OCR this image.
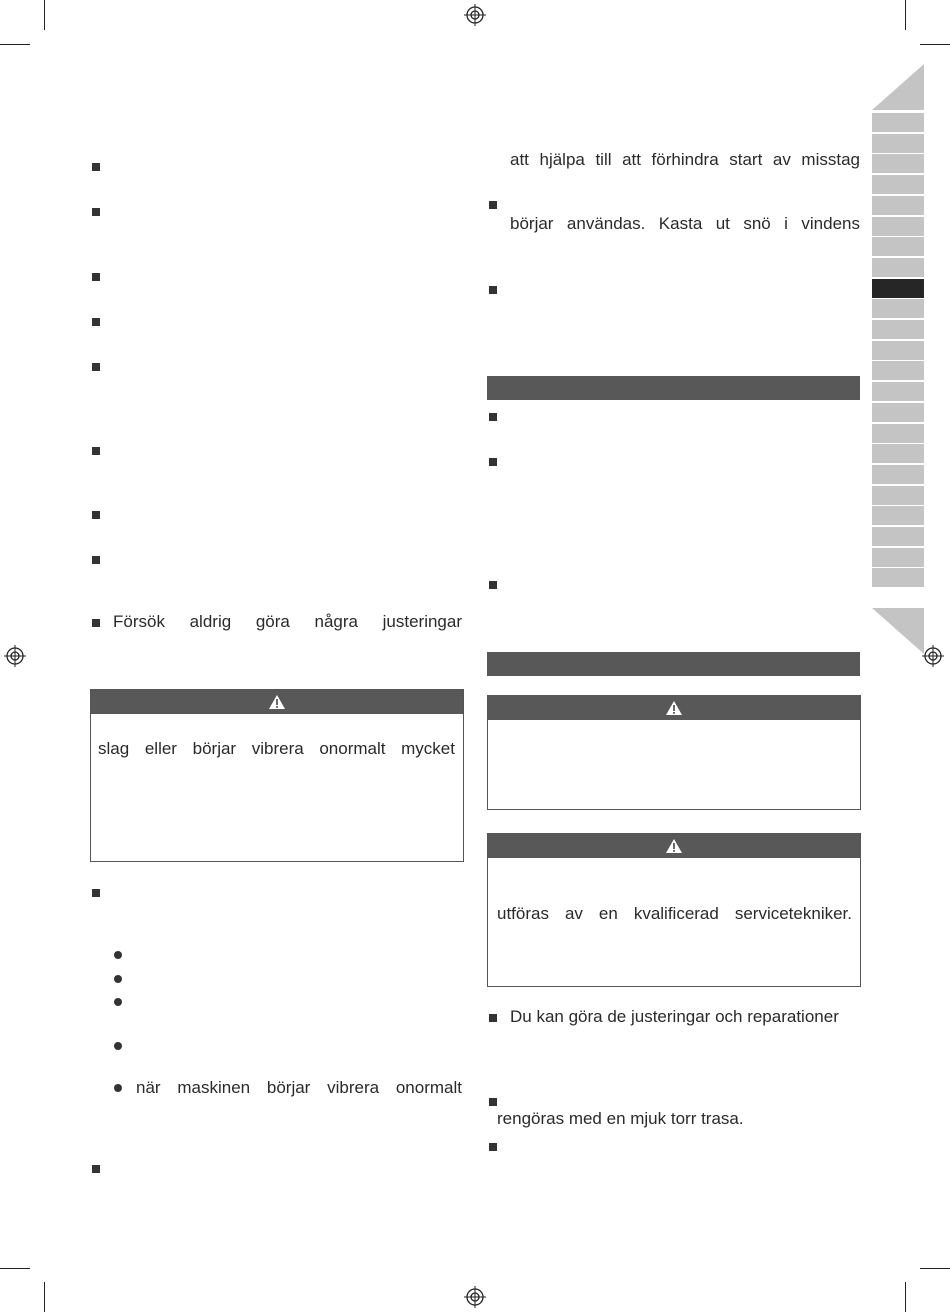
Försök aldrig göra några justeringar
slag eller börjar vibrera onormalt mycket
när maskinen börjar vibrera onormalt
att hjälpa till att förhindra start av misstag
börjar användas. Kasta ut snö i vindens
utföras av en kvalificerad servicetekniker.
Du kan göra de justeringar och reparationer
rengöras med en mjuk torr trasa.
